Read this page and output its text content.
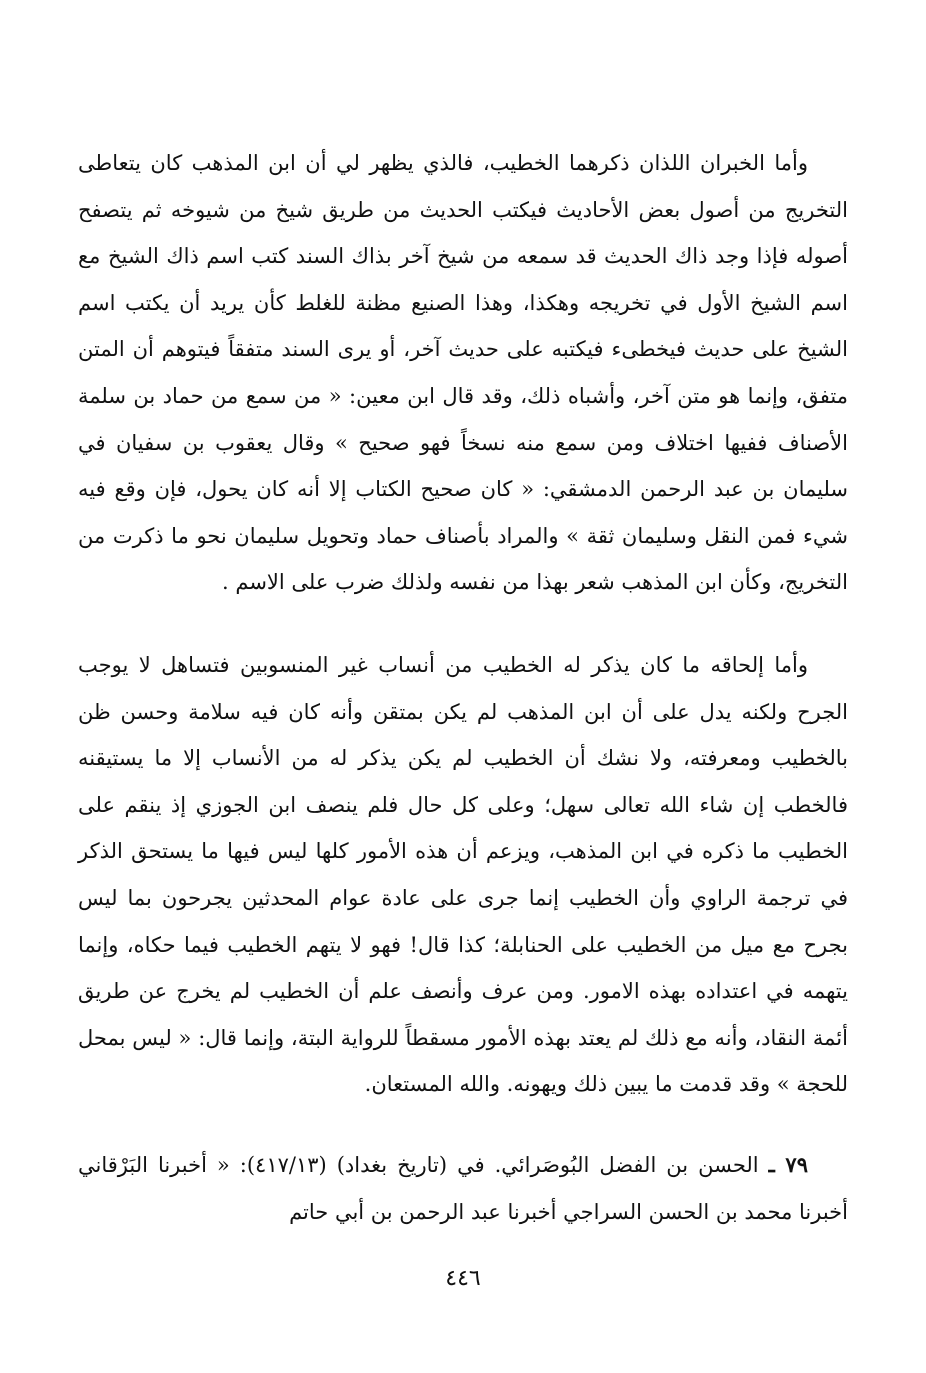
وأما الخبران اللذان ذكرهما الخطيب، فالذي يظهر لي أن ابن المذهب كان يتعاطى التخريج من أصول بعض الأحاديث فيكتب الحديث من طريق شيخ من شيوخه ثم يتصفح أصوله فإذا وجد ذاك الحديث قد سمعه من شيخ آخر بذاك السند كتب اسم ذاك الشيخ مع اسم الشيخ الأول في تخريجه وهكذا، وهذا الصنيع مظنة للغلط كأن يريد أن يكتب اسم الشيخ على حديث فيخطىء فيكتبه على حديث آخر، أو يرى السند متفقاً فيتوهم أن المتن متفق، وإنما هو متن آخر، وأشباه ذلك، وقد قال ابن معين: « من سمع من حماد بن سلمة الأصناف ففيها اختلاف ومن سمع منه نسخاً فهو صحيح » وقال يعقوب بن سفيان في سليمان بن عبد الرحمن الدمشقي: « كان صحيح الكتاب إلا أنه كان يحول، فإن وقع فيه شيء فمن النقل وسليمان ثقة » والمراد بأصناف حماد وتحويل سليمان نحو ما ذكرت من التخريج، وكأن ابن المذهب شعر بهذا من نفسه ولذلك ضرب على الاسم .

وأما إلحاقه ما كان يذكر له الخطيب من أنساب غير المنسوبين فتساهل لا يوجب الجرح ولكنه يدل على أن ابن المذهب لم يكن بمتقن وأنه كان فيه سلامة وحسن ظن بالخطيب ومعرفته، ولا نشك أن الخطيب لم يكن يذكر له من الأنساب إلا ما يستيقنه فالخطب إن شاء الله تعالى سهل؛ وعلى كل حال فلم ينصف ابن الجوزي إذ ينقم على الخطيب ما ذكره في ابن المذهب، ويزعم أن هذه الأمور كلها ليس فيها ما يستحق الذكر في ترجمة الراوي وأن الخطيب إنما جرى على عادة عوام المحدثين يجرحون بما ليس بجرح مع ميل من الخطيب على الحنابلة؛ كذا قال! فهو لا يتهم الخطيب فيما حكاه، وإنما يتهمه في اعتداده بهذه الامور. ومن عرف وأنصف علم أن الخطيب لم يخرج عن طريق أئمة النقاد، وأنه مع ذلك لم يعتد بهذه الأمور مسقطاً للرواية البتة، وإنما قال: « ليس بمحل للحجة » وقد قدمت ما يبين ذلك ويهونه. والله المستعان.

٧٩ ـ الحسن بن الفضل البُوصَرائي. في (تاريخ بغداد) (٤١٧/١٣): « أخبرنا البَرْقاني أخبرنا محمد بن الحسن السراجي أخبرنا عبد الرحمن بن أبي حاتم

٤٤٦
